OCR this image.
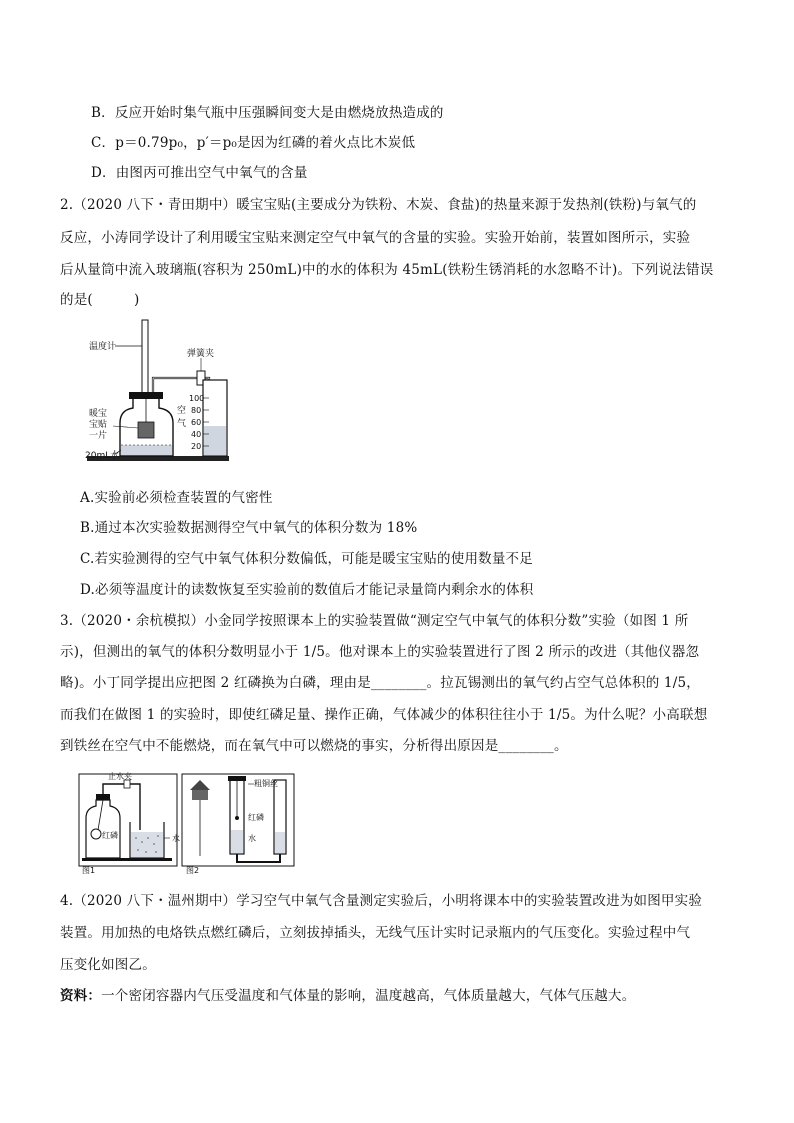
B．反应开始时集气瓶中压强瞬间变大是由燃烧放热造成的
C．p＝0.79p₀，p′＝p₀是因为红磷的着火点比木炭低
D．由图丙可推出空气中氧气的含量
2.（2020 八下・青田期中）暖宝宝贴(主要成分为铁粉、木炭、食盐)的热量来源于发热剂(铁粉)与氧气的
反应，小涛同学设计了利用暖宝宝贴来测定空气中氧气的含量的实验。实验开始前，装置如图所示，实验
后从量筒中流入玻璃瓶(容积为 250mL)中的水的体积为 45mL(铁粉生锈消耗的水忽略不计)。下列说法错误
的是(　　　)
温度计
弹簧夹
暖宝
宝贴
一片
20mL水
空
气
100
80
60
40
20
A.实验前必须检查装置的气密性
B.通过本次实验数据测得空气中氧气的体积分数为 18%
C.若实验测得的空气中氧气体积分数偏低，可能是暖宝宝贴的使用数量不足
D.必须等温度计的读数恢复至实验前的数值后才能记录量筒内剩余水的体积
3.（2020・余杭模拟）小金同学按照课本上的实验装置做“测定空气中氧气的体积分数”实验（如图 1 所
示)，但测出的氧气的体积分数明显小于 1/5。他对课本上的实验装置进行了图 2 所示的改进（其他仪器忽
略)。小丁同学提出应把图 2 红磷换为白磷，理由是________。拉瓦锡测出的氧气约占空气总体积的 1/5，
而我们在做图 1 的实验时，即使红磷足量、操作正确，气体减少的体积往往小于 1/5。为什么呢？小高联想
到铁丝在空气中不能燃烧，而在氧气中可以燃烧的事实，分析得出原因是________。
止水夹
红磷	水
图1
粗铜丝
红磷
水
图2
4.（2020 八下・温州期中）学习空气中氧气含量测定实验后，小明将课本中的实验装置改进为如图甲实验
装置。用加热的电烙铁点燃红磷后，立刻拔掉插头，无线气压计实时记录瓶内的气压变化。实验过程中气
压变化如图乙。
资料：一个密闭容器内气压受温度和气体量的影响，温度越高，气体质量越大，气体气压越大。
